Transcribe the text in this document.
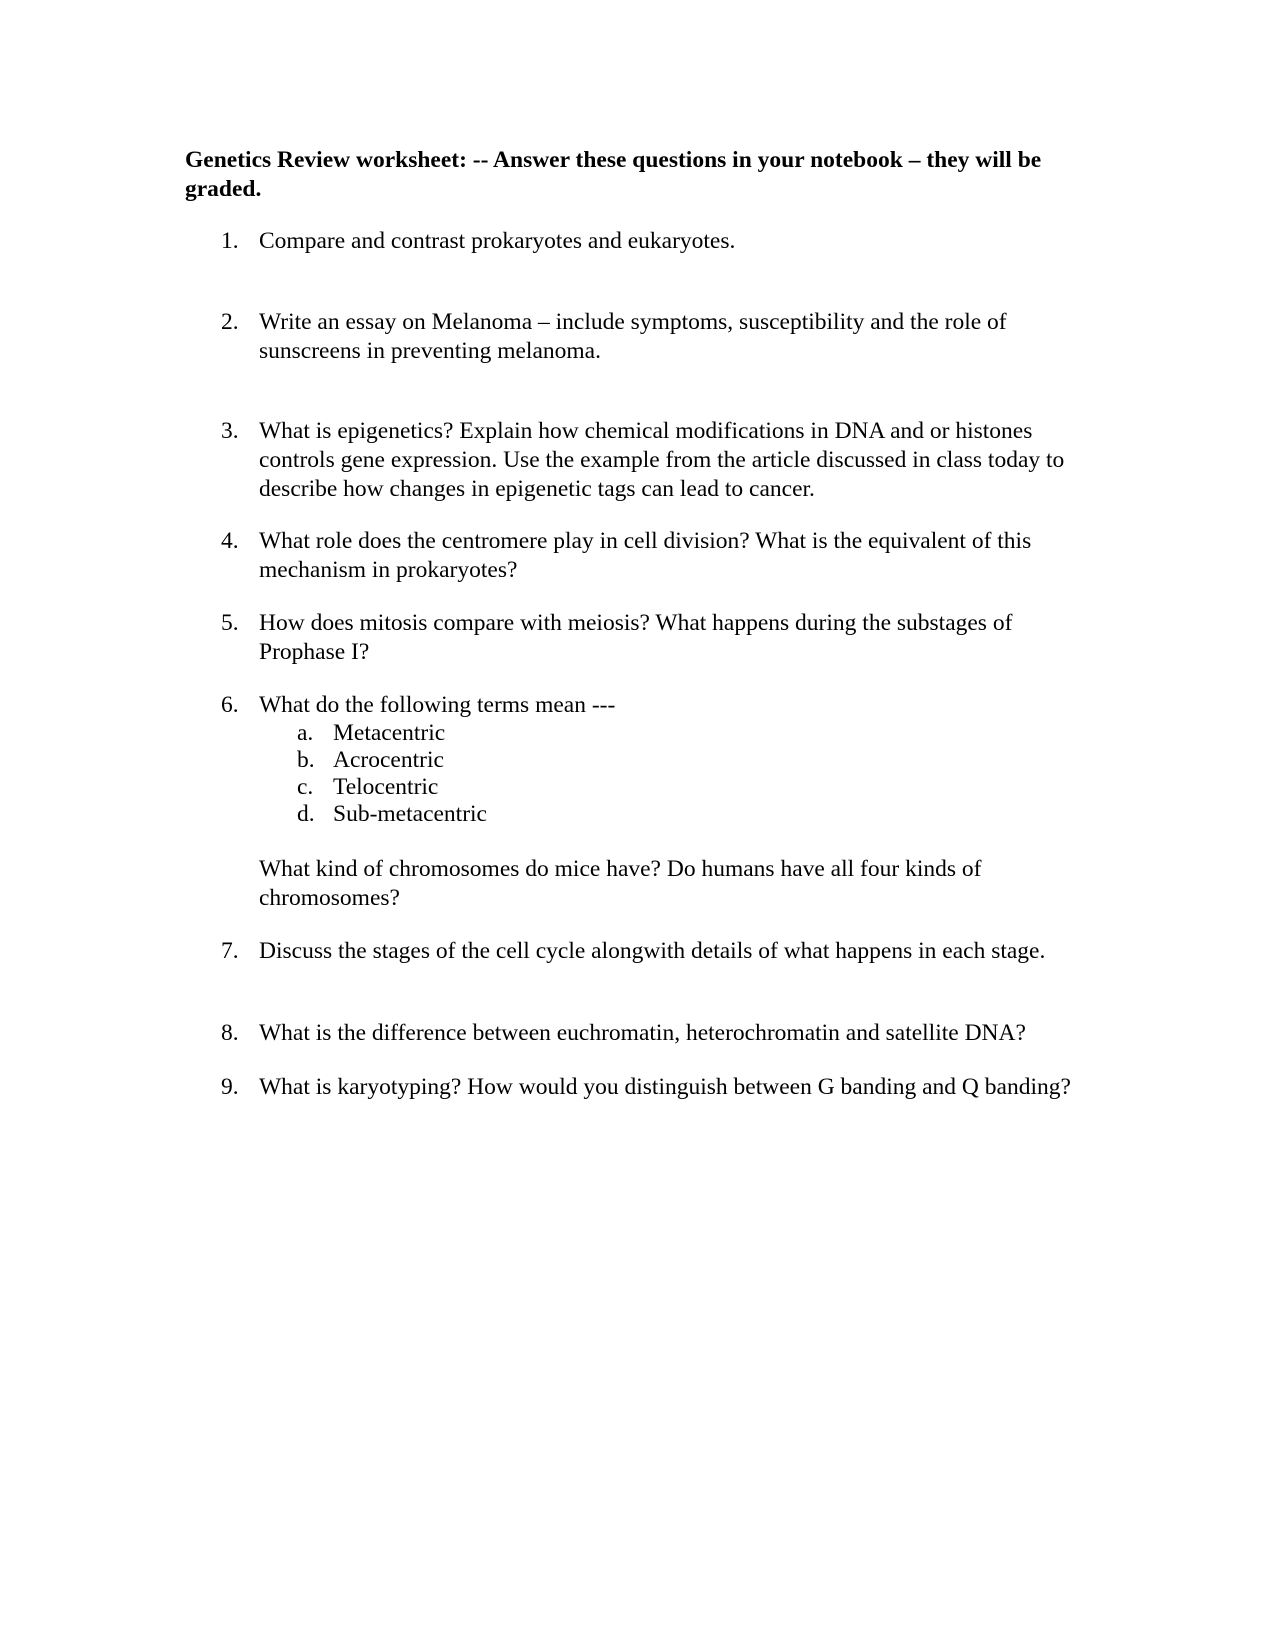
Genetics Review worksheet: -- Answer these questions in your notebook – they will be graded.
1. Compare and contrast prokaryotes and eukaryotes.
2. Write an essay on Melanoma – include symptoms, susceptibility and the role of sunscreens in preventing melanoma.
3. What is epigenetics? Explain how chemical modifications in DNA and or histones controls gene expression. Use the example from the article discussed in class today to describe how changes in epigenetic tags can lead to cancer.
4. What role does the centromere play in cell division? What is the equivalent of this mechanism in prokaryotes?
5. How does mitosis compare with meiosis? What happens during the substages of Prophase I?
6. What do the following terms mean ---
a. Metacentric
b. Acrocentric
c. Telocentric
d. Sub-metacentric
What kind of chromosomes do mice have? Do humans have all four kinds of chromosomes?
7. Discuss the stages of the cell cycle alongwith details of what happens in each stage.
8. What is the difference between euchromatin, heterochromatin and satellite DNA?
9. What is karyotyping? How would you distinguish between G banding and Q banding?
